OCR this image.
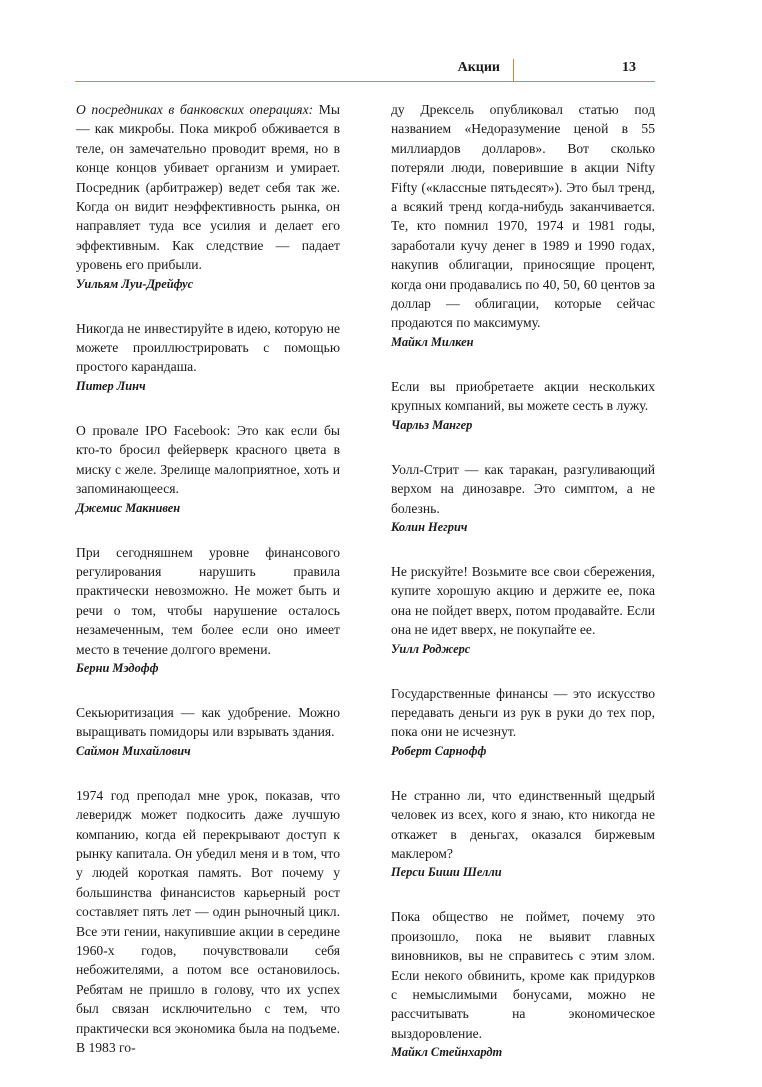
Акции	13

О посредниках в банковских операциях: Мы — как микробы. Пока микроб обживается в теле, он замечательно проводит время, но в конце концов убивает организм и умирает. Посредник (арбитражер) ведет себя так же. Когда он видит неэффективность рынка, он направляет туда все усилия и делает его эффективным. Как следствие — падает уровень его прибыли.

Уильям Луи-Дрейфус

Никогда не инвестируйте в идею, которую не можете проиллюстрировать с помощью простого карандаша.

Питер Линч

О провале IPO Facebook: Это как если бы кто-то бросил фейерверк красного цвета в миску с желе. Зрелище малоприятное, хоть и запоминающееся.

Джемис Макнивен

При сегодняшнем уровне финансового регулирования нарушить правила практически невозможно. Не может быть и речи о том, чтобы нарушение осталось незамеченным, тем более если оно имеет место в течение долгого времени.

Берни Мэдофф

Секьюритизация — как удобрение. Можно выращивать помидоры или взрывать здания.

Саймон Михайлович

1974 год преподал мне урок, показав, что леверидж может подкосить даже лучшую компанию, когда ей перекрывают доступ к рынку капитала. Он убедил меня и в том, что у людей короткая память. Вот почему у большинства финансистов карьерный рост составляет пять лет — один рыночный цикл. Все эти гении, накупившие акции в середине 1960-х годов, почувствовали себя небожителями, а потом все остановилось. Ребятам не пришло в голову, что их успех был связан исключительно с тем, что практически вся экономика была на подъеме. В 1983 го-

ду Дрексель опубликовал статью под названием «Недоразумение ценой в 55 миллиардов долларов». Вот сколько потеряли люди, поверившие в акции Nifty Fifty («классные пятьдесят»). Это был тренд, а всякий тренд когда-нибудь заканчивается. Те, кто помнил 1970, 1974 и 1981 годы, заработали кучу денег в 1989 и 1990 годах, накупив облигации, приносящие процент, когда они продавались по 40, 50, 60 центов за доллар — облигации, которые сейчас продаются по максимуму.

Майкл Милкен

Если вы приобретаете акции нескольких крупных компаний, вы можете сесть в лужу.

Чарльз Мангер

Уолл-Стрит — как таракан, разгуливающий верхом на динозавре. Это симптом, а не болезнь.

Колин Негрич

Не рискуйте! Возьмите все свои сбережения, купите хорошую акцию и держите ее, пока она не пойдет вверх, потом продавайте. Если она не идет вверх, не покупайте ее.

Уилл Роджерс

Государственные финансы — это искусство передавать деньги из рук в руки до тех пор, пока они не исчезнут.

Роберт Сарнофф

Не странно ли, что единственный щедрый человек из всех, кого я знаю, кто никогда не откажет в деньгах, оказался биржевым маклером?

Перси Биши Шелли

Пока общество не поймет, почему это произошло, пока не выявит главных виновников, вы не справитесь с этим злом. Если некого обвинить, кроме как придурков с немыслимыми бонусами, можно не рассчитывать на экономическое выздоровление.

Майкл Стейнхардт
